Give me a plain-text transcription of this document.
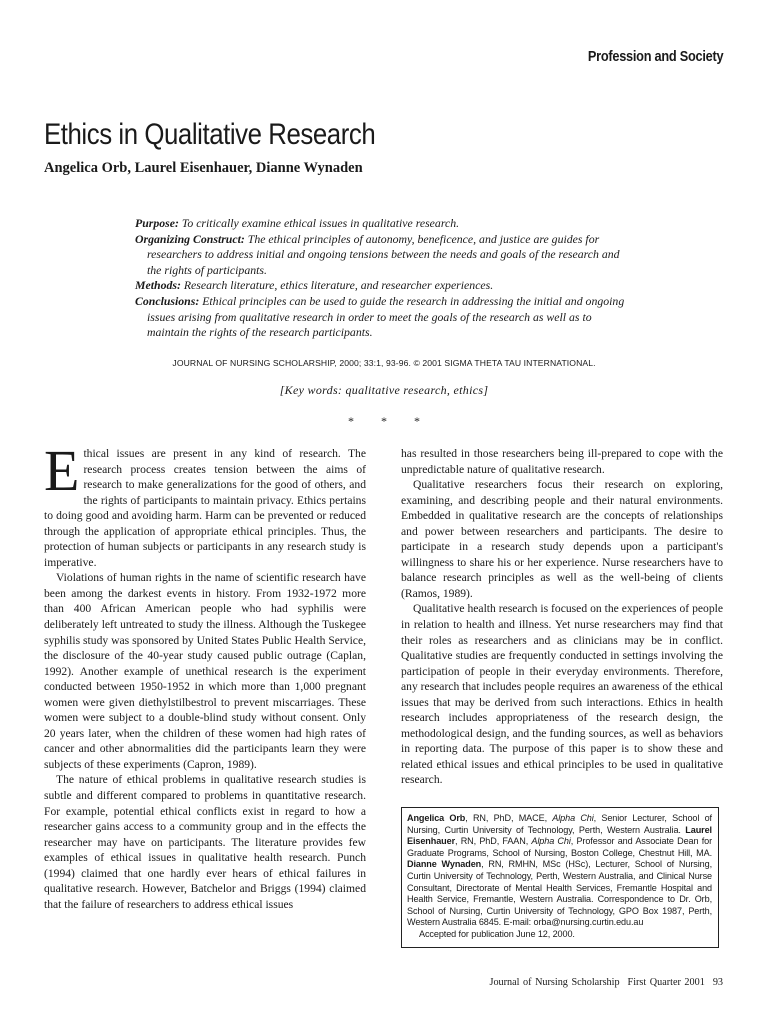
Profession and Society
Ethics in Qualitative Research
Angelica Orb, Laurel Eisenhauer, Dianne Wynaden

Purpose: To critically examine ethical issues in qualitative research.

Organizing Construct: The ethical principles of autonomy, beneficence, and justice are guides for researchers to address initial and ongoing tensions between the needs and goals of the research and the rights of participants.

Methods: Research literature, ethics literature, and researcher experiences.

Conclusions: Ethical principles can be used to guide the research in addressing the initial and ongoing issues arising from qualitative research in order to meet the goals of the research as well as to maintain the rights of the research participants.

JOURNAL OF NURSING SCHOLARSHIP, 2000; 33:1, 93-96. © 2001 SIGMA THETA TAU INTERNATIONAL.
[Key words: qualitative research, ethics]
* * *

Ethical issues are present in any kind of research. The research process creates tension between the aims of research to make generalizations for the good of others, and the rights of participants to maintain privacy. Ethics pertains to doing good and avoiding harm. Harm can be prevented or reduced through the application of appropriate ethical principles. Thus, the protection of human subjects or participants in any research study is imperative.

Violations of human rights in the name of scientific research have been among the darkest events in history. From 1932-1972 more than 400 African American people who had syphilis were deliberately left untreated to study the illness. Although the Tuskegee syphilis study was sponsored by United States Public Health Service, the disclosure of the 40-year study caused public outrage (Caplan, 1992). Another example of unethical research is the experiment conducted between 1950-1952 in which more than 1,000 pregnant women were given diethylstilbestrol to prevent miscarriages. These women were subject to a double-blind study without consent. Only 20 years later, when the children of these women had high rates of cancer and other abnormalities did the participants learn they were subjects of these experiments (Capron, 1989).

The nature of ethical problems in qualitative research studies is subtle and different compared to problems in quantitative research. For example, potential ethical conflicts exist in regard to how a researcher gains access to a community group and in the effects the researcher may have on participants. The literature provides few examples of ethical issues in qualitative health research. Punch (1994) claimed that one hardly ever hears of ethical failures in qualitative research. However, Batchelor and Briggs (1994) claimed that the failure of researchers to address ethical issues

has resulted in those researchers being ill-prepared to cope with the unpredictable nature of qualitative research.

Qualitative researchers focus their research on exploring, examining, and describing people and their natural environments. Embedded in qualitative research are the concepts of relationships and power between researchers and participants. The desire to participate in a research study depends upon a participant's willingness to share his or her experience. Nurse researchers have to balance research principles as well as the well-being of clients (Ramos, 1989).

Qualitative health research is focused on the experiences of people in relation to health and illness. Yet nurse researchers may find that their roles as researchers and as clinicians may be in conflict. Qualitative studies are frequently conducted in settings involving the participation of people in their everyday environments. Therefore, any research that includes people requires an awareness of the ethical issues that may be derived from such interactions. Ethics in health research includes appropriateness of the research design, the methodological design, and the funding sources, as well as behaviors in reporting data. The purpose of this paper is to show these and related ethical issues and ethical principles to be used in qualitative research.

Angelica Orb, RN, PhD, MACE, Alpha Chi, Senior Lecturer, School of Nursing, Curtin University of Technology, Perth, Western Australia. Laurel Eisenhauer, RN, PhD, FAAN, Alpha Chi, Professor and Associate Dean for Graduate Programs, School of Nursing, Boston College, Chestnut Hill, MA. Dianne Wynaden, RN, RMHN, MSc (HSc), Lecturer, School of Nursing, Curtin University of Technology, Perth, Western Australia, and Clinical Nurse Consultant, Directorate of Mental Health Services, Fremantle Hospital and Health Service, Fremantle, Western Australia. Correspondence to Dr. Orb, School of Nursing, Curtin University of Technology, GPO Box 1987, Perth, Western Australia 6845. E-mail: orba@nursing.curtin.edu.au
Accepted for publication June 12, 2000.
Journal of Nursing Scholarship First Quarter 2001 93
